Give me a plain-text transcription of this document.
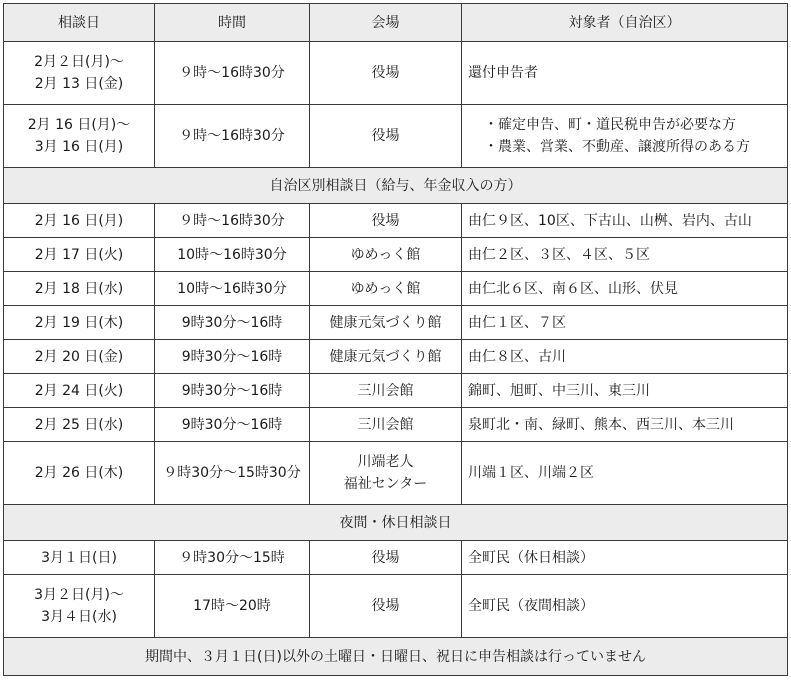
相談日	時間	会場	対象者（自治区）

2月２日(月)〜
2月 13 日(金)	９時〜16時30分	役場	還付申告者

2月 16 日(月)〜
3月 16 日(月)	９時〜16時30分	役場	・確定申告、町・道民税申告が必要な方
・農業、営業、不動産、譲渡所得のある方

自治区別相談日（給与、年金収入の方）			

2月 16 日(月)	９時〜16時30分	役場	由仁９区、10区、下古山、山桝、岩内、古山

2月 17 日(火)	10時〜16時30分	ゆめっく館	由仁２区、３区、４区、５区

2月 18 日(水)	10時〜16時30分	ゆめっく館	由仁北６区、南６区、山形、伏見

2月 19 日(木)	9時30分〜16時	健康元気づくり館	由仁１区、７区

2月 20 日(金)	9時30分〜16時	健康元気づくり館	由仁８区、古川

2月 24 日(火)	9時30分〜16時	三川会館	錦町、旭町、中三川、東三川

2月 25 日(水)	9時30分〜16時	三川会館	泉町北・南、緑町、熊本、西三川、本三川

2月 26 日(木)	９時30分〜15時30分	川端老人
福祉センター	川端１区、川端２区

夜間・休日相談日			

3月１日(日)	９時30分〜15時	役場	全町民（休日相談）

3月２日(月)〜
3月４日(水)	17時〜20時	役場	全町民（夜間相談）

期間中、３月１日(日)以外の土曜日・日曜日、祝日に申告相談は行っていません			
